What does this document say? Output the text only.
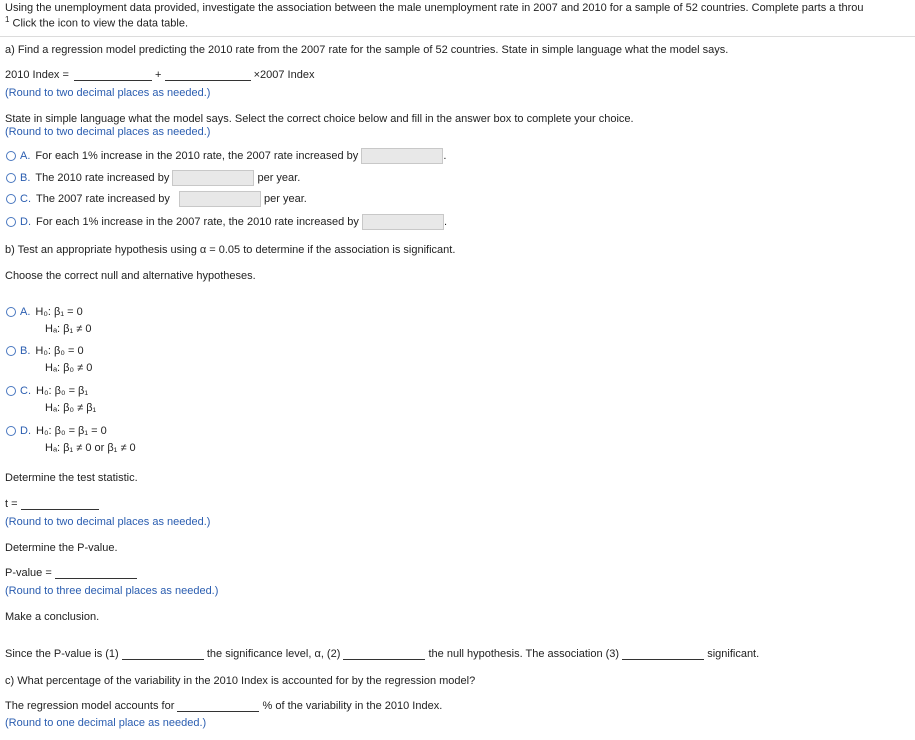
Using the unemployment data provided, investigate the association between the male unemployment rate in 2007 and 2010 for a sample of 52 countries. Complete parts a throu
$^1$ Click the icon to view the data table.
a) Find a regression model predicting the 2010 rate from the 2007 rate for the sample of 52 countries. State in simple language what the model says.
2010 Index =	+	×2007 Index
(Round to two decimal places as needed.)
State in simple language what the model says. Select the correct choice below and fill in the answer box to complete your choice.
(Round to two decimal places as needed.)
A. For each 1% increase in the 2010 rate, the 2007 rate increased by	.
B. The 2010 rate increased by	per year.
C. The 2007 rate increased by	per year.
D. For each 1% increase in the 2007 rate, the 2010 rate increased by	.
b) Test an appropriate hypothesis using α = 0.05 to determine if the association is significant.
Choose the correct null and alternative hypotheses.
A. H₀: β₁ = 0
Hₐ: β₁ ≠ 0
B. H₀: β₀ = 0
Hₐ: β₀ ≠ 0
C. H₀: β₀ = β₁
Hₐ: β₀ ≠ β₁
D. H₀: β₀ = β₁ = 0
Hₐ: β₁ ≠ 0 or β₁ ≠ 0
Determine the test statistic.
t =
(Round to two decimal places as needed.)
Determine the P-value.
P-value =
(Round to three decimal places as needed.)
Make a conclusion.
Since the P-value is (1)	the significance level, α, (2)	the null hypothesis. The association (3)	significant.
c) What percentage of the variability in the 2010 Index is accounted for by the regression model?
The regression model accounts for	% of the variability in the 2010 Index.
(Round to one decimal place as needed.)
